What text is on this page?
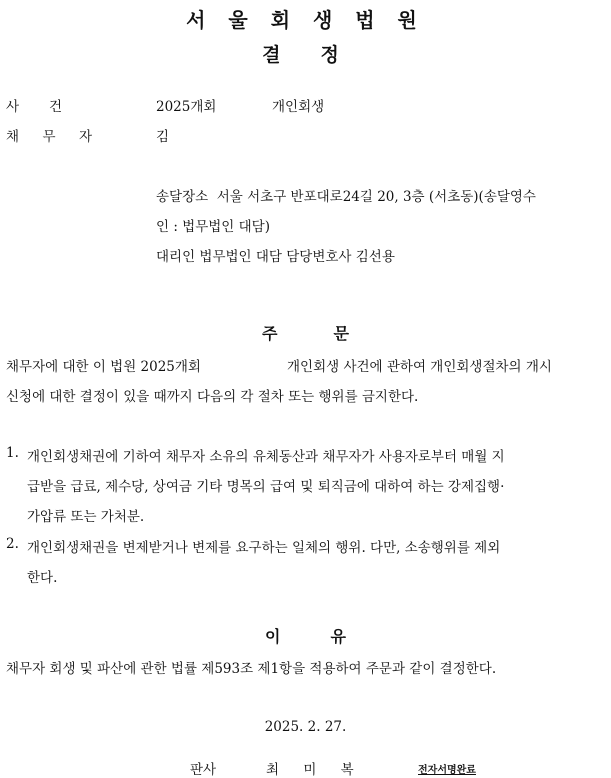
서 울 회 생 법 원
결정
사 건	2025개회	개인회생
채 무 자	김
송달장소  서울 서초구 반포대로24길 20, 3층 (서초동)(송달영수
인 : 법무법인 대담)
대리인 법무법인 대담 담당변호사 김선용
주	문
채무자에 대한 이 법원 2025개회	개인회생 사건에 관하여 개인회생절차의 개시
신청에 대한 결정이 있을 때까지 다음의 각 절차 또는 행위를 금지한다.
1. 개인회생채권에 기하여 채무자 소유의 유체동산과 채무자가 사용자로부터 매월 지
급받을 급료, 제수당, 상여금 기타 명목의 급여 및 퇴직금에 대하여 하는 강제집행·
가압류 또는 가처분.
2. 개인회생채권을 변제받거나 변제를 요구하는 일체의 행위. 다만, 소송행위를 제외
한다.
이	유
채무자 회생 및 파산에 관한 법률 제593조 제1항을 적용하여 주문과 같이 결정한다.
2025. 2. 27.
판사	최 미 복	전자서명완료
